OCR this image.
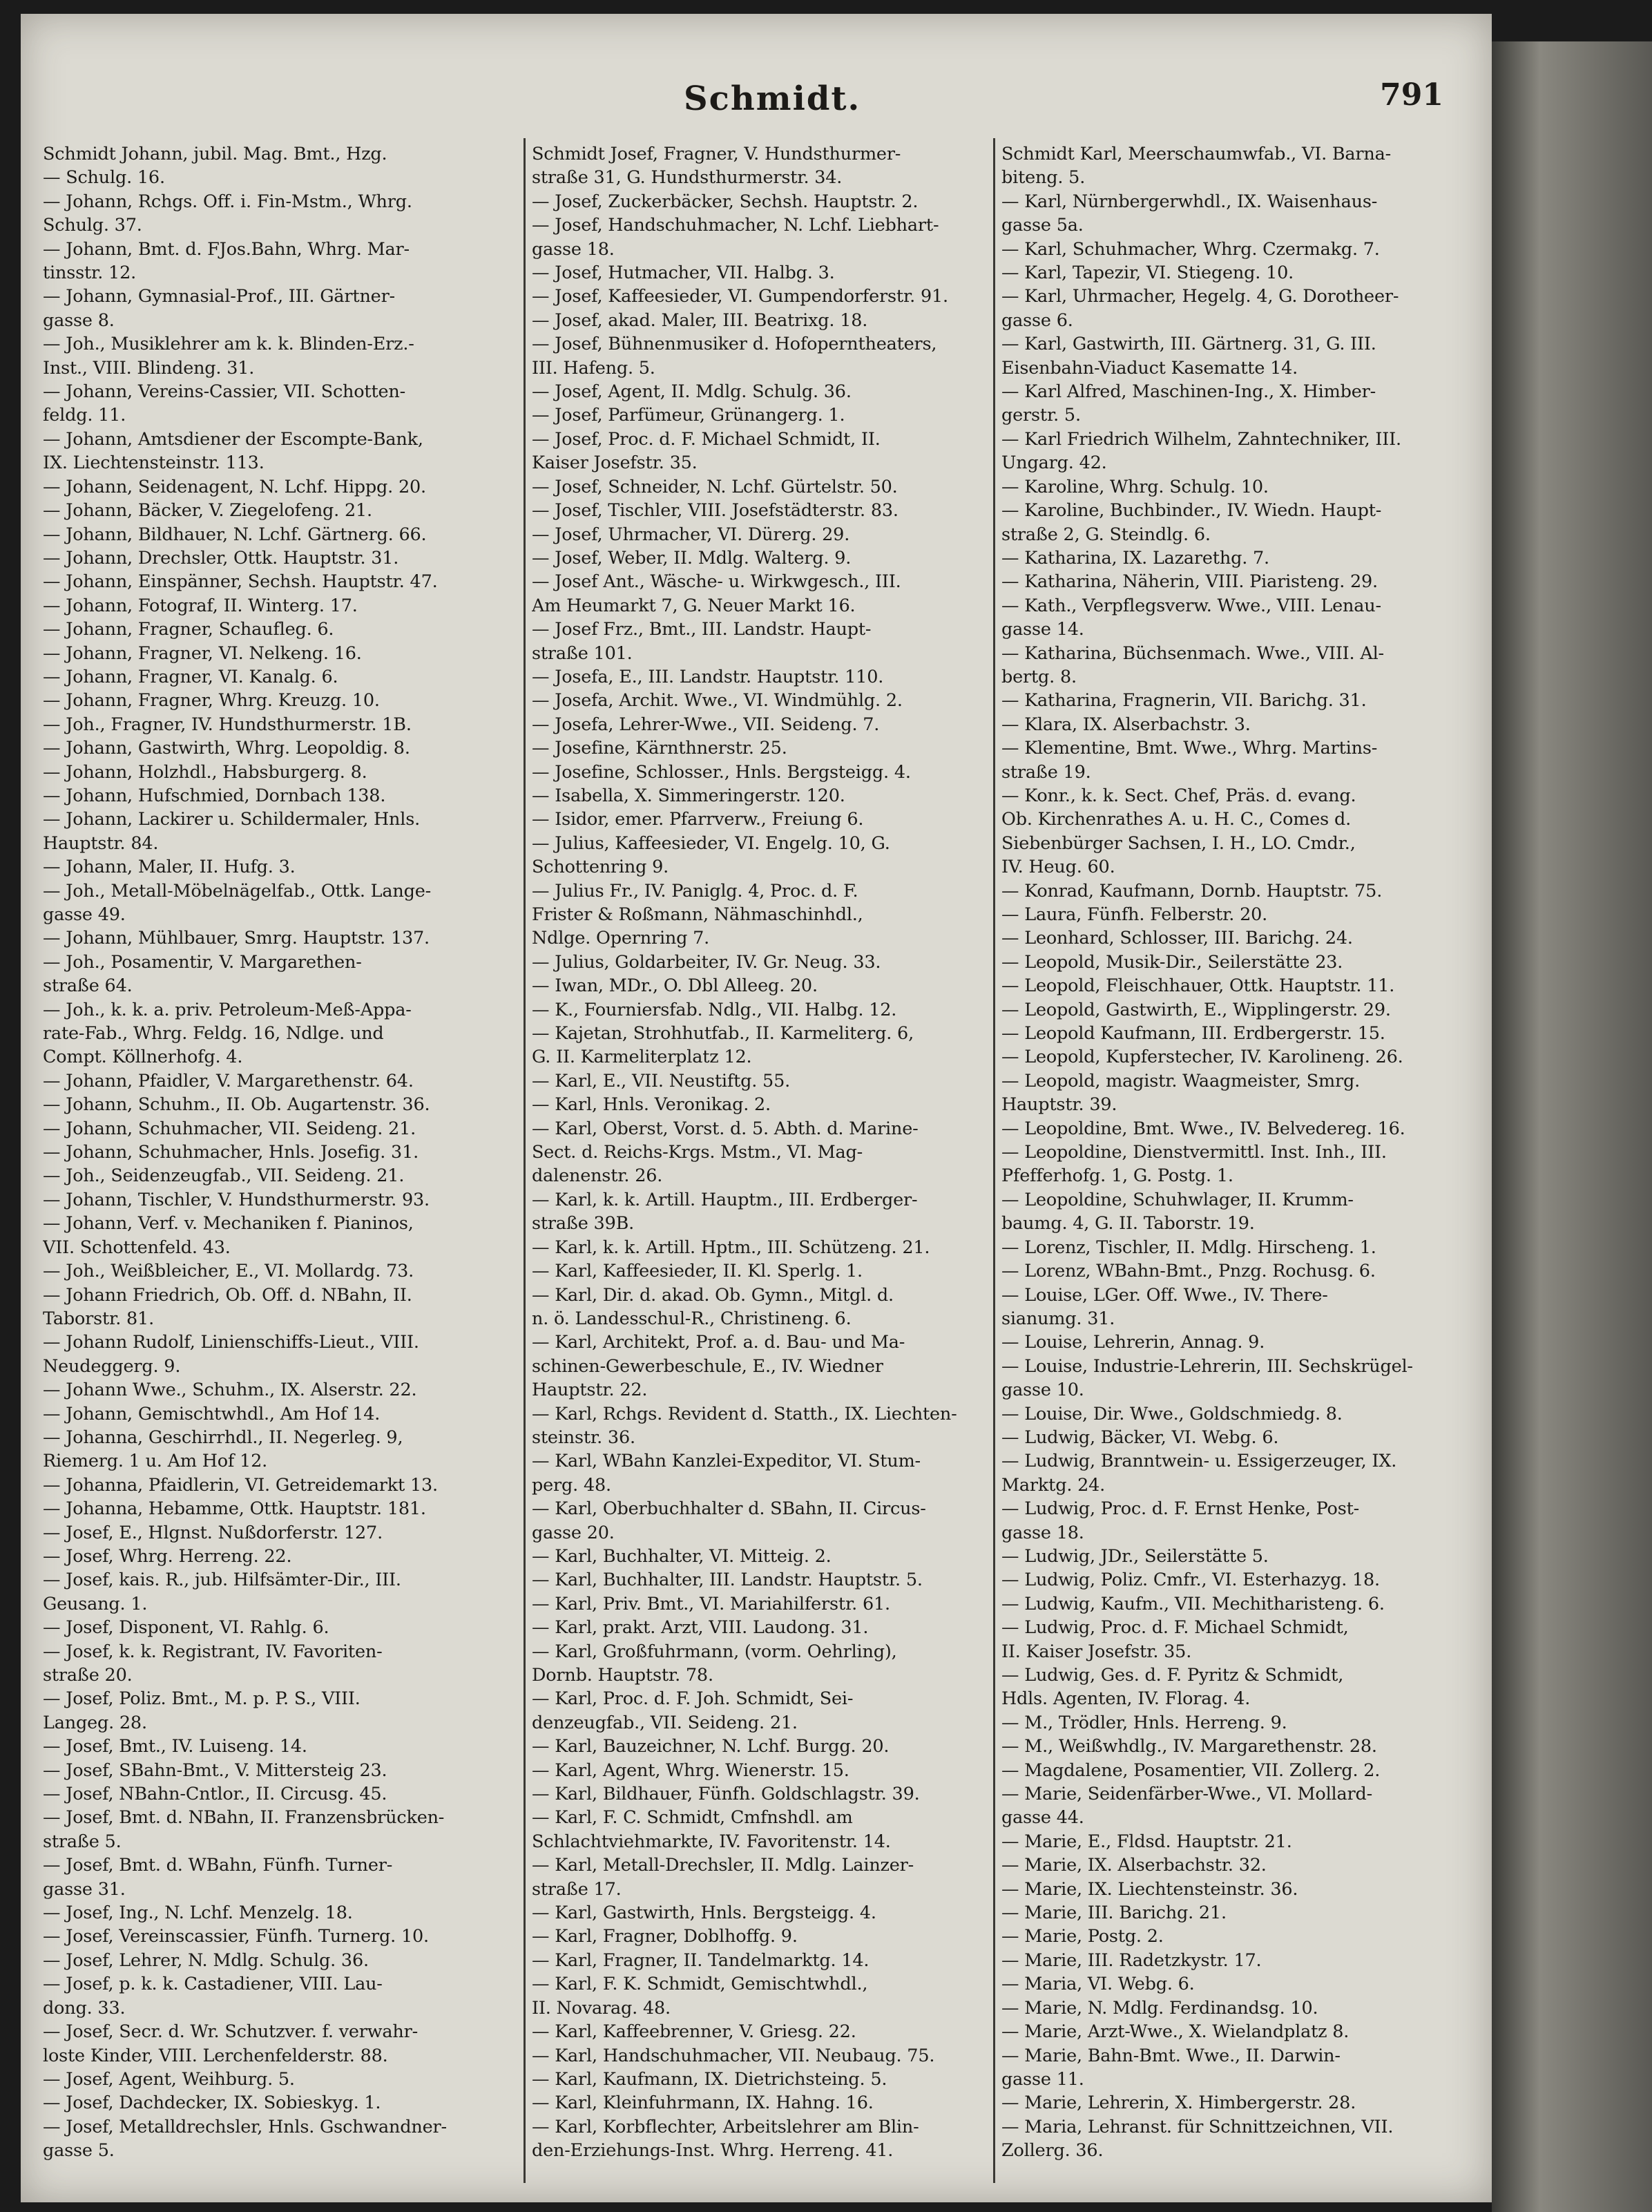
Schmidt.	791
Schmidt Johann, jubil. Mag. Bmt., Hzg.
— Schulg. 16.
— Johann, Rchgs. Off. i. Fin-Mstm., Whrg.
Schulg. 37.
— Johann, Bmt. d. FJos.Bahn, Whrg. Mar-
tinsstr. 12.
— Johann, Gymnasial-Prof., III. Gärtner-
gasse 8.
— Joh., Musiklehrer am k. k. Blinden-Erz.-
Inst., VIII. Blindeng. 31.
— Johann, Vereins-Cassier, VII. Schotten-
feldg. 11.
— Johann, Amtsdiener der Escompte-Bank,
IX. Liechtensteinstr. 113.
— Johann, Seidenagent, N. Lchf. Hippg. 20.
— Johann, Bäcker, V. Ziegelofeng. 21.
— Johann, Bildhauer, N. Lchf. Gärtnerg. 66.
— Johann, Drechsler, Ottk. Hauptstr. 31.
— Johann, Einspänner, Sechsh. Hauptstr. 47.
— Johann, Fotograf, II. Winterg. 17.
— Johann, Fragner, Schaufleg. 6.
— Johann, Fragner, VI. Nelkeng. 16.
— Johann, Fragner, VI. Kanalg. 6.
— Johann, Fragner, Whrg. Kreuzg. 10.
— Joh., Fragner, IV. Hundsthurmerstr. 1B.
— Johann, Gastwirth, Whrg. Leopoldig. 8.
— Johann, Holzhdl., Habsburgerg. 8.
— Johann, Hufschmied, Dornbach 138.
— Johann, Lackirer u. Schildermaler, Hnls.
Hauptstr. 84.
— Johann, Maler, II. Hufg. 3.
— Joh., Metall-Möbelnägelfab., Ottk. Lange-
gasse 49.
— Johann, Mühlbauer, Smrg. Hauptstr. 137.
— Joh., Posamentir, V. Margarethen-
straße 64.
— Joh., k. k. a. priv. Petroleum-Meß-Appa-
rate-Fab., Whrg. Feldg. 16, Ndlge. und
Compt. Köllnerhofg. 4.
— Johann, Pfaidler, V. Margarethenstr. 64.
— Johann, Schuhm., II. Ob. Augartenstr. 36.
— Johann, Schuhmacher, VII. Seideng. 21.
— Johann, Schuhmacher, Hnls. Josefig. 31.
— Joh., Seidenzeugfab., VII. Seideng. 21.
— Johann, Tischler, V. Hundsthurmerstr. 93.
— Johann, Verf. v. Mechaniken f. Pianinos,
VII. Schottenfeld. 43.
— Joh., Weißbleicher, E., VI. Mollardg. 73.
— Johann Friedrich, Ob. Off. d. NBahn, II.
Taborstr. 81.
— Johann Rudolf, Linienschiffs-Lieut., VIII.
Neudeggerg. 9.
— Johann Wwe., Schuhm., IX. Alserstr. 22.
— Johann, Gemischtwhdl., Am Hof 14.
— Johanna, Geschirrhdl., II. Negerleg. 9,
Riemerg. 1 u. Am Hof 12.
— Johanna, Pfaidlerin, VI. Getreidemarkt 13.
— Johanna, Hebamme, Ottk. Hauptstr. 181.
— Josef, E., Hlgnst. Nußdorferstr. 127.
— Josef, Whrg. Herreng. 22.
— Josef, kais. R., jub. Hilfsämter-Dir., III.
Geusang. 1.
— Josef, Disponent, VI. Rahlg. 6.
— Josef, k. k. Registrant, IV. Favoriten-
straße 20.
— Josef, Poliz. Bmt., M. p. P. S., VIII.
Langeg. 28.
— Josef, Bmt., IV. Luiseng. 14.
— Josef, SBahn-Bmt., V. Mittersteig 23.
— Josef, NBahn-Cntlor., II. Circusg. 45.
— Josef, Bmt. d. NBahn, II. Franzensbrücken-
straße 5.
— Josef, Bmt. d. WBahn, Fünfh. Turner-
gasse 31.
— Josef, Ing., N. Lchf. Menzelg. 18.
— Josef, Vereinscassier, Fünfh. Turnerg. 10.
— Josef, Lehrer, N. Mdlg. Schulg. 36.
— Josef, p. k. k. Castadiener, VIII. Lau-
dong. 33.
— Josef, Secr. d. Wr. Schutzver. f. verwahr-
loste Kinder, VIII. Lerchenfelderstr. 88.
— Josef, Agent, Weihburg. 5.
— Josef, Dachdecker, IX. Sobieskyg. 1.
— Josef, Metalldrechsler, Hnls. Gschwandner-
gasse 5.
Schmidt Josef, Fragner, V. Hundsthurmer-
straße 31, G. Hundsthurmerstr. 34.
— Josef, Zuckerbäcker, Sechsh. Hauptstr. 2.
— Josef, Handschuhmacher, N. Lchf. Liebhart-
gasse 18.
— Josef, Hutmacher, VII. Halbg. 3.
— Josef, Kaffeesieder, VI. Gumpendorferstr. 91.
— Josef, akad. Maler, III. Beatrixg. 18.
— Josef, Bühnenmusiker d. Hofopernthеaters,
III. Hafeng. 5.
— Josef, Agent, II. Mdlg. Schulg. 36.
— Josef, Parfümeur, Grünangerg. 1.
— Josef, Proc. d. F. Michael Schmidt, II.
Kaiser Josefstr. 35.
— Josef, Schneider, N. Lchf. Gürtelstr. 50.
— Josef, Tischler, VIII. Josefstädterstr. 83.
— Josef, Uhrmacher, VI. Dürerg. 29.
— Josef, Weber, II. Mdlg. Walterg. 9.
— Josef Ant., Wäsche- u. Wirkwgesch., III.
Am Heumarkt 7, G. Neuer Markt 16.
— Josef Frz., Bmt., III. Landstr. Haupt-
straße 101.
— Josefa, E., III. Landstr. Hauptstr. 110.
— Josefa, Archit. Wwe., VI. Windmühlg. 2.
— Josefa, Lehrer-Wwe., VII. Seideng. 7.
— Josefine, Kärnthnerstr. 25.
— Josefine, Schlosser., Hnls. Bergsteigg. 4.
— Isabella, X. Simmeringerstr. 120.
— Isidor, emer. Pfarrverw., Freiung 6.
— Julius, Kaffeesieder, VI. Engelg. 10, G.
Schottenring 9.
— Julius Fr., IV. Paniglg. 4, Proc. d. F.
Frister & Roßmann, Nähmaschinhdl.,
Ndlge. Opernring 7.
— Julius, Goldarbeiter, IV. Gr. Neug. 33.
— Iwan, MDr., O. Dbl Alleeg. 20.
— K., Fourniersfab. Ndlg., VII. Halbg. 12.
— Kajetan, Strohhutfab., II. Karmeliterg. 6,
G. II. Karmeliterplatz 12.
— Karl, E., VII. Neustiftg. 55.
— Karl, Hnls. Veronikag. 2.
— Karl, Oberst, Vorst. d. 5. Abth. d. Marine-
Sect. d. Reichs-Krgs. Mstm., VI. Mag-
dalenenstr. 26.
— Karl, k. k. Artill. Hauptm., III. Erdberger-
straße 39B.
— Karl, k. k. Artill. Hptm., III. Schützeng. 21.
— Karl, Kaffeesieder, II. Kl. Sperlg. 1.
— Karl, Dir. d. akad. Ob. Gymn., Mitgl. d.
n. ö. Landesschul-R., Christineng. 6.
— Karl, Architekt, Prof. a. d. Bau- und Ma-
schinen-Gewerbeschule, E., IV. Wiedner
Hauptstr. 22.
— Karl, Rchgs. Revident d. Statth., IX. Liechten-
steinstr. 36.
— Karl, WBahn Kanzlei-Expeditor, VI. Stum-
perg. 48.
— Karl, Oberbuchhalter d. SBahn, II. Circus-
gasse 20.
— Karl, Buchhalter, VI. Mitteig. 2.
— Karl, Buchhalter, III. Landstr. Hauptstr. 5.
— Karl, Priv. Bmt., VI. Mariahilferstr. 61.
— Karl, prakt. Arzt, VIII. Laudong. 31.
— Karl, Großfuhrmann, (vorm. Oehrling),
Dornb. Hauptstr. 78.
— Karl, Proc. d. F. Joh. Schmidt, Sei-
denzeugfab., VII. Seideng. 21.
— Karl, Bauzeichner, N. Lchf. Burgg. 20.
— Karl, Agent, Whrg. Wienerstr. 15.
— Karl, Bildhauer, Fünfh. Goldschlagstr. 39.
— Karl, F. C. Schmidt, Cmfnshdl. am
Schlachtviehmarkte, IV. Favoritenstr. 14.
— Karl, Metall-Drechsler, II. Mdlg. Lainzer-
straße 17.
— Karl, Gastwirth, Hnls. Bergsteigg. 4.
— Karl, Fragner, Doblhoffg. 9.
— Karl, Fragner, II. Tandelmarktg. 14.
— Karl, F. K. Schmidt, Gemischtwhdl.,
II. Novarag. 48.
— Karl, Kaffeebrenner, V. Griesg. 22.
— Karl, Handschuhmacher, VII. Neubaug. 75.
— Karl, Kaufmann, IX. Dietrichsteing. 5.
— Karl, Kleinfuhrmann, IX. Hahng. 16.
— Karl, Korbflechter, Arbeitslehrer am Blin-
den-Erziehungs-Inst. Whrg. Herreng. 41.
Schmidt Karl, Meerschaumwfab., VI. Barna-
biteng. 5.
— Karl, Nürnbergerwhdl., IX. Waisenhaus-
gasse 5a.
— Karl, Schuhmacher, Whrg. Czermakg. 7.
— Karl, Tapezir, VI. Stiegeng. 10.
— Karl, Uhrmacher, Hegelg. 4, G. Dorotheer-
gasse 6.
— Karl, Gastwirth, III. Gärtnerg. 31, G. III.
Eisenbahn-Viaduct Kasematte 14.
— Karl Alfred, Maschinen-Ing., X. Himber-
gerstr. 5.
— Karl Friedrich Wilhelm, Zahntechniker, III.
Ungarg. 42.
— Karoline, Whrg. Schulg. 10.
— Karoline, Buchbinder., IV. Wiedn. Haupt-
straße 2, G. Steindlg. 6.
— Katharina, IX. Lazarethg. 7.
— Katharina, Näherin, VIII. Piaristeng. 29.
— Kath., Verpflegsverw. Wwe., VIII. Lenau-
gasse 14.
— Katharina, Büchsenmach. Wwe., VIII. Al-
bertg. 8.
— Katharina, Fragnerin, VII. Barichg. 31.
— Klara, IX. Alserbachstr. 3.
— Klementine, Bmt. Wwe., Whrg. Martins-
straße 19.
— Konr., k. k. Sect. Chef, Präs. d. evang.
Ob. Kirchenrathes A. u. H. C., Comes d.
Siebenbürger Sachsen, I. H., LO. Cmdr.,
IV. Heug. 60.
— Konrad, Kaufmann, Dornb. Hauptstr. 75.
— Laura, Fünfh. Felberstr. 20.
— Leonhard, Schlosser, III. Barichg. 24.
— Leopold, Musik-Dir., Seilerstätte 23.
— Leopold, Fleischhauer, Ottk. Hauptstr. 11.
— Leopold, Gastwirth, E., Wipplingerstr. 29.
— Leopold Kaufmann, III. Erdbergerstr. 15.
— Leopold, Kupferstecher, IV. Karolineng. 26.
— Leopold, magistr. Waagmeister, Smrg.
Hauptstr. 39.
— Leopoldine, Bmt. Wwe., IV. Belvedereg. 16.
— Leopoldine, Dienstvermittl. Inst. Inh., III.
Pfefferhofg. 1, G. Postg. 1.
— Leopoldine, Schuhwlager, II. Krumm-
baumg. 4, G. II. Taborstr. 19.
— Lorenz, Tischler, II. Mdlg. Hirscheng. 1.
— Lorenz, WBahn-Bmt., Pnzg. Rochusg. 6.
— Louise, LGer. Off. Wwe., IV. There-
sianumg. 31.
— Louise, Lehrerin, Annag. 9.
— Louise, Industrie-Lehrerin, III. Sechskrügel-
gasse 10.
— Louise, Dir. Wwe., Goldschmiedg. 8.
— Ludwig, Bäcker, VI. Webg. 6.
— Ludwig, Branntwein- u. Essigerzeuger, IX.
Marktg. 24.
— Ludwig, Proc. d. F. Ernst Henke, Post-
gasse 18.
— Ludwig, JDr., Seilerstätte 5.
— Ludwig, Poliz. Cmfr., VI. Esterhazyg. 18.
— Ludwig, Kaufm., VII. Mechitharisteng. 6.
— Ludwig, Proc. d. F. Michael Schmidt,
II. Kaiser Josefstr. 35.
— Ludwig, Ges. d. F. Pyritz & Schmidt,
Hdls. Agenten, IV. Florag. 4.
— M., Trödler, Hnls. Herreng. 9.
— M., Weißwhdlg., IV. Margarethenstr. 28.
— Magdalene, Posamentier, VII. Zollerg. 2.
— Marie, Seidenfärber-Wwe., VI. Mollard-
gasse 44.
— Marie, E., Fldsd. Hauptstr. 21.
— Marie, IX. Alserbachstr. 32.
— Marie, IX. Liechtensteinstr. 36.
— Marie, III. Barichg. 21.
— Marie, Postg. 2.
— Marie, III. Radetzkystr. 17.
— Maria, VI. Webg. 6.
— Marie, N. Mdlg. Ferdinandsg. 10.
— Marie, Arzt-Wwe., X. Wielandplatz 8.
— Marie, Bahn-Bmt. Wwe., II. Darwin-
gasse 11.
— Marie, Lehrerin, X. Himbergerstr. 28.
— Maria, Lehranst. für Schnittzeichnen, VII.
Zollerg. 36.
